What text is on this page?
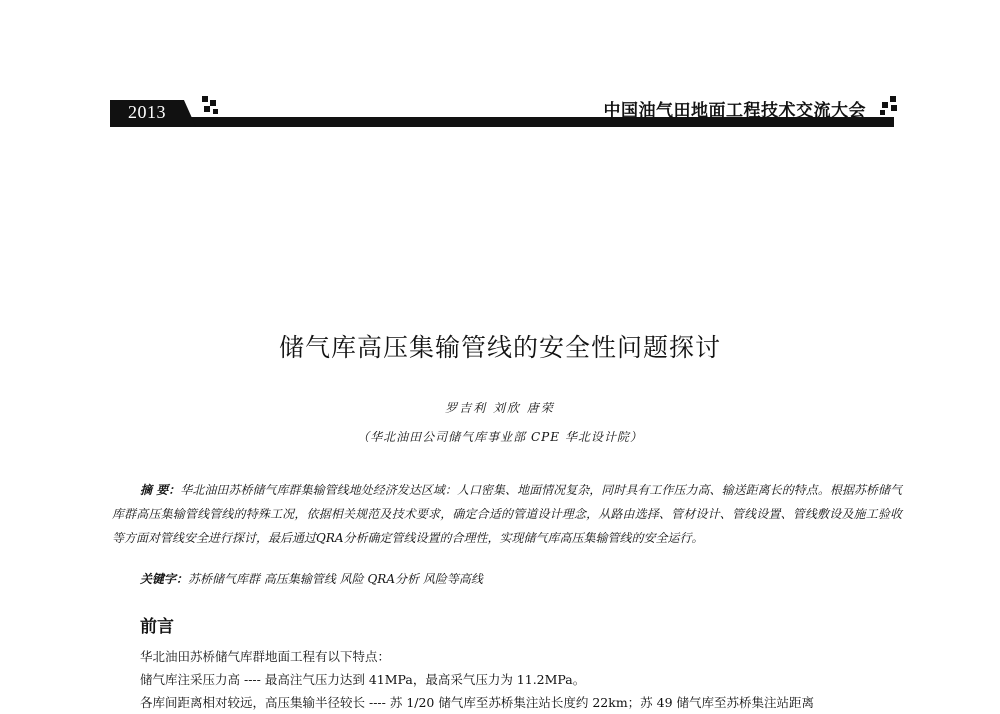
2013	中国油气田地面工程技术交流大会
储气库高压集输管线的安全性问题探讨
罗吉利 刘欣 唐荣
（华北油田公司储气库事业部 CPE 华北设计院）
摘 要：华北油田苏桥储气库群集输管线地处经济发达区域：人口密集、地面情况复杂，同时具有工作压力高、输送距离长的特点。根据苏桥储气库群高压集输管线管线的特殊工况，依据相关规范及技术要求，确定合适的管道设计理念，从路由选择、管材设计、管线设置、管线敷设及施工验收等方面对管线安全进行探讨，最后通过QRA分析确定管线设置的合理性，实现储气库高压集输管线的安全运行。
关键字：苏桥储气库群 高压集输管线 风险 QRA分析 风险等高线
前言

华北油田苏桥储气库群地面工程有以下特点：

储气库注采压力高 ---- 最高注气压力达到 41MPa，最高采气压力为 11.2MPa。

各库间距离相对较远，高压集输半径较长 ---- 苏 1/20 储气库至苏桥集注站长度约 22km；苏 49 储气库至苏桥集注站距离
